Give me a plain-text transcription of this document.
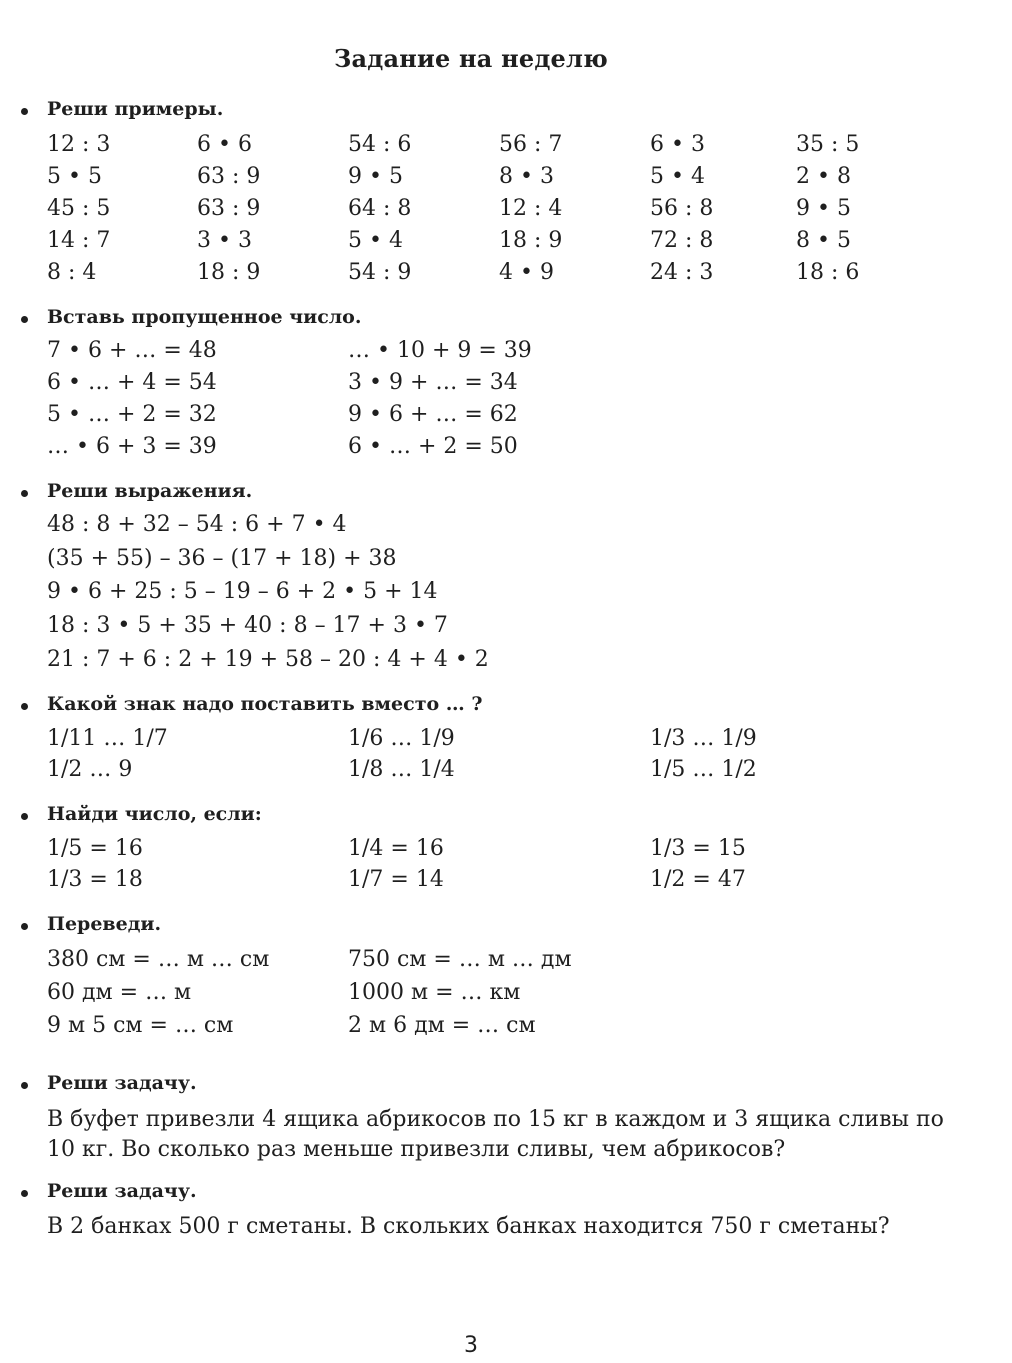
Задание на неделю
Реши примеры.
12 : 3	6 • 6	54 : 6	56 : 7	6 • 3	35 : 5
5 • 5	63 : 9	9 • 5	8 • 3	5 • 4	2 • 8
45 : 5	63 : 9	64 : 8	12 : 4	56 : 8	9 • 5
14 : 7	3 • 3	5 • 4	18 : 9	72 : 8	8 • 5
8 : 4	18 : 9	54 : 9	4 • 9	24 : 3	18 : 6
Вставь пропущенное число.
7 • 6 + … = 48	… • 10 + 9 = 39
6 • … + 4 = 54	3 • 9 + … = 34
5 • … + 2 = 32	9 • 6 + … = 62
… • 6 + 3 = 39	6 • … + 2 = 50
Реши выражения.
48 : 8 + 32 – 54 : 6 + 7 • 4
(35 + 55) – 36 – (17 + 18) + 38
9 • 6 + 25 : 5 – 19 – 6 + 2 • 5 + 14
18 : 3 • 5 + 35 + 40 : 8 – 17 + 3 • 7
21 : 7 + 6 : 2 + 19 + 58 – 20 : 4 + 4 • 2
Какой знак надо поставить вместо … ?
1/11 … 1/7	1/6 … 1/9	1/3 … 1/9
1/2 … 9	1/8 … 1/4	1/5 … 1/2
Найди число, если:
1/5 = 16	1/4 = 16	1/3 = 15
1/3 = 18	1/7 = 14	1/2 = 47
Переведи.
380 см = … м … см	750 см = … м … дм
60 дм = … м	1000 м = … км
9 м 5 см = … см	2 м 6 дм = … см
Реши задачу.
В буфет привезли 4 ящика абрикосов по 15 кг в каждом и 3 ящика сливы по 10 кг. Во сколько раз меньше привезли сливы, чем абрикосов?
Реши задачу.
В 2 банках 500 г сметаны. В скольких банках находится 750 г сметаны?
3
